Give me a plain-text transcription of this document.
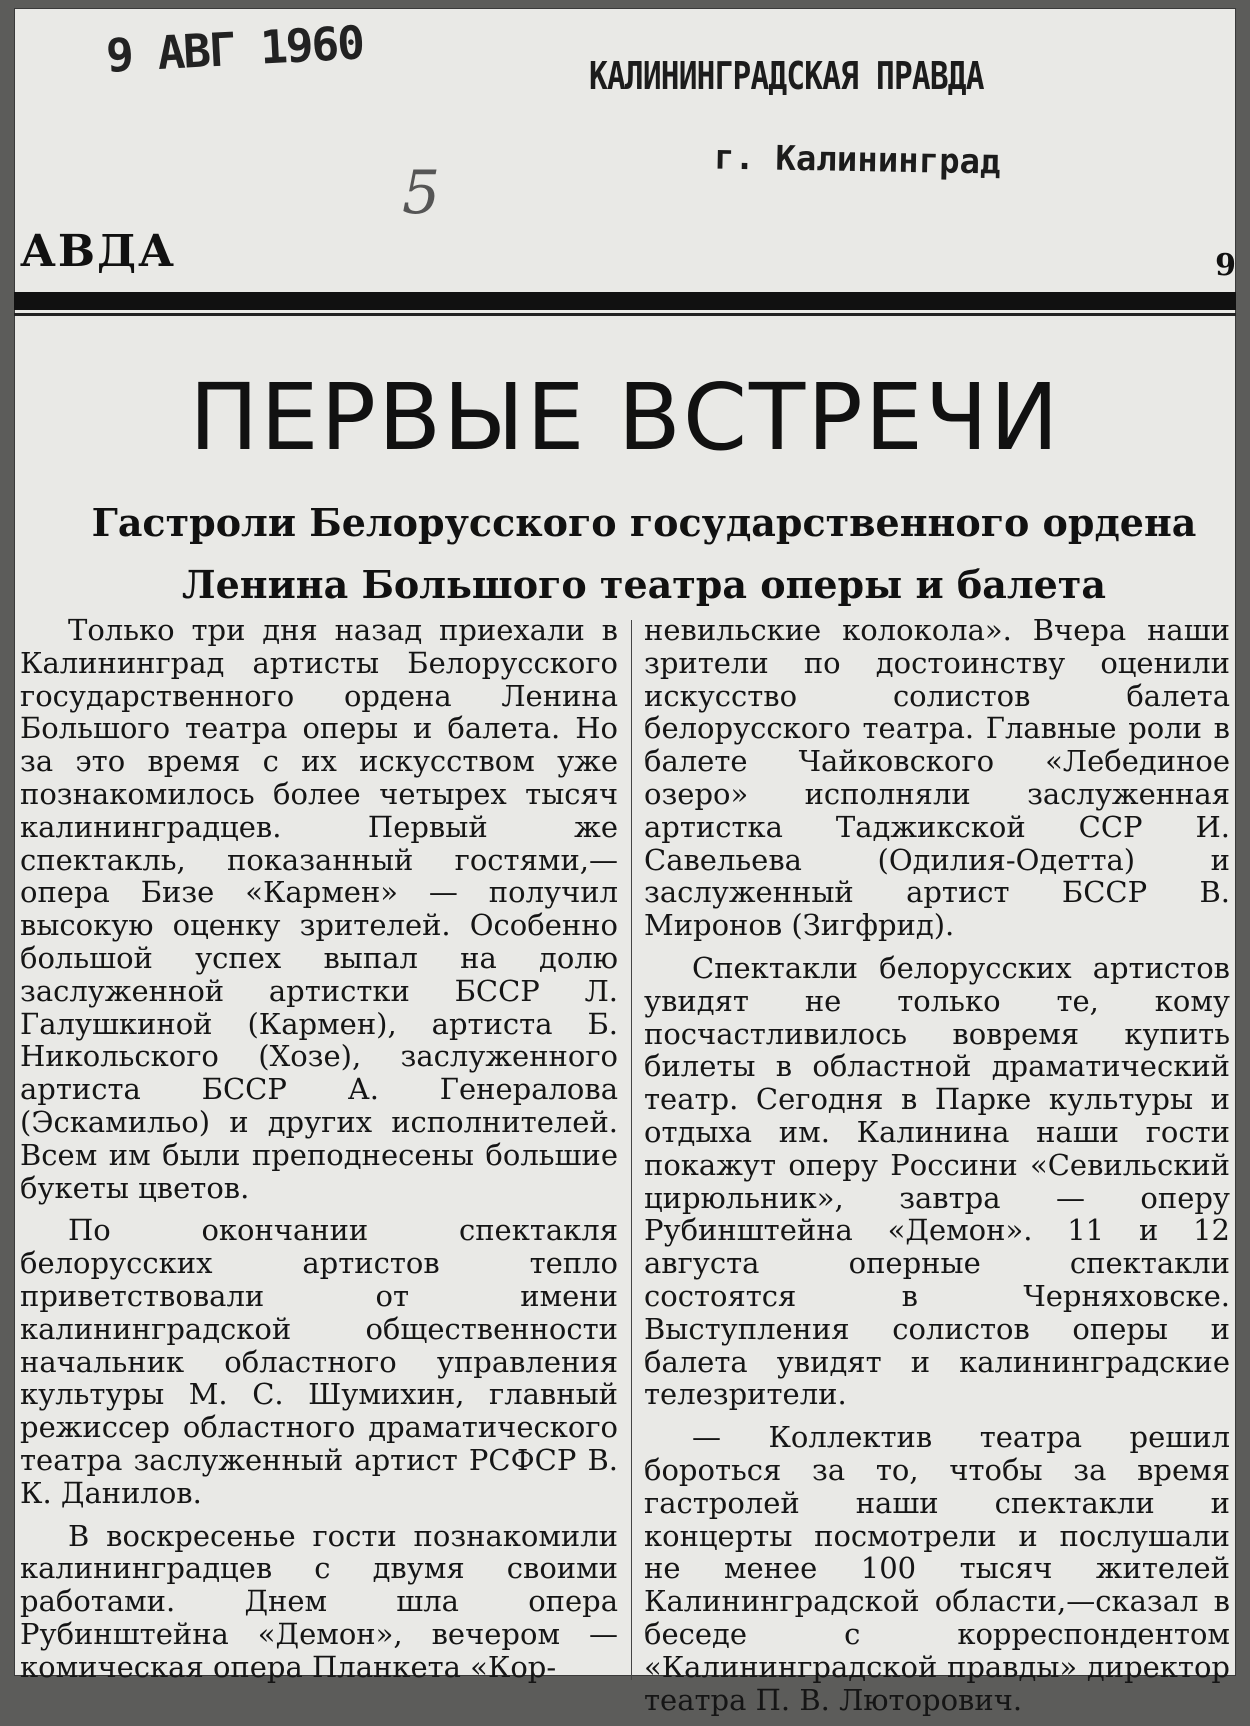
9 АВГ 1960	КАЛИНИНГРАДСКАЯ ПРАВДА
г. Калининград
5
АВДА	9
ПЕРВЫЕ ВСТРЕЧИ
Гастроли Белорусского государственного ордена Ленина Большого театра оперы и балета

Только три дня назад приехали в Калининград артисты Белорусского государственного ордена Ленина Большого театра оперы и балета. Но за это время с их искусством уже познакомилось более четырех тысяч калининградцев. Первый же спектакль, показанный гостями,— опера Бизе «Кармен» — получил высокую оценку зрителей. Особенно большой успех выпал на долю заслуженной артистки БССР Л. Галушкиной (Кармен), артиста Б. Никольского (Хозе), заслуженного артиста БССР А. Генералова (Эскамильо) и других исполнителей. Всем им были преподнесены большие букеты цветов.

По окончании спектакля белорусских артистов тепло приветствовали от имени калининградской общественности начальник областного управления культуры М. С. Шумихин, главный режиссер областного драматического театра заслуженный артист РСФСР В. К. Данилов.

В воскресенье гости познакомили калининградцев с двумя своими работами. Днем шла опера Рубинштейна «Демон», вечером — комическая опера Планкета «Кор-

невильские колокола». Вчера наши зрители по достоинству оценили искусство солистов балета белорусского театра. Главные роли в балете Чайковского «Лебединое озеро» исполняли заслуженная артистка Таджикской ССР И. Савельева (Одилия-Одетта) и заслуженный артист БССР В. Миронов (Зигфрид).

Спектакли белорусских артистов увидят не только те, кому посчастливилось вовремя купить билеты в областной драматический театр. Сегодня в Парке культуры и отдыха им. Калинина наши гости покажут оперу Россини «Севильский цирюльник», завтра — оперу Рубинштейна «Демон». 11 и 12 августа оперные спектакли состоятся в Черняховске. Выступления солистов оперы и балета увидят и калининградские телезрители.

— Коллектив театра решил бороться за то, чтобы за время гастролей наши спектакли и концерты посмотрели и послушали не менее 100 тысяч жителей Калининградской области,—сказал в беседе с корреспондентом «Калининградской правды» директор театра П. В. Люторович.
